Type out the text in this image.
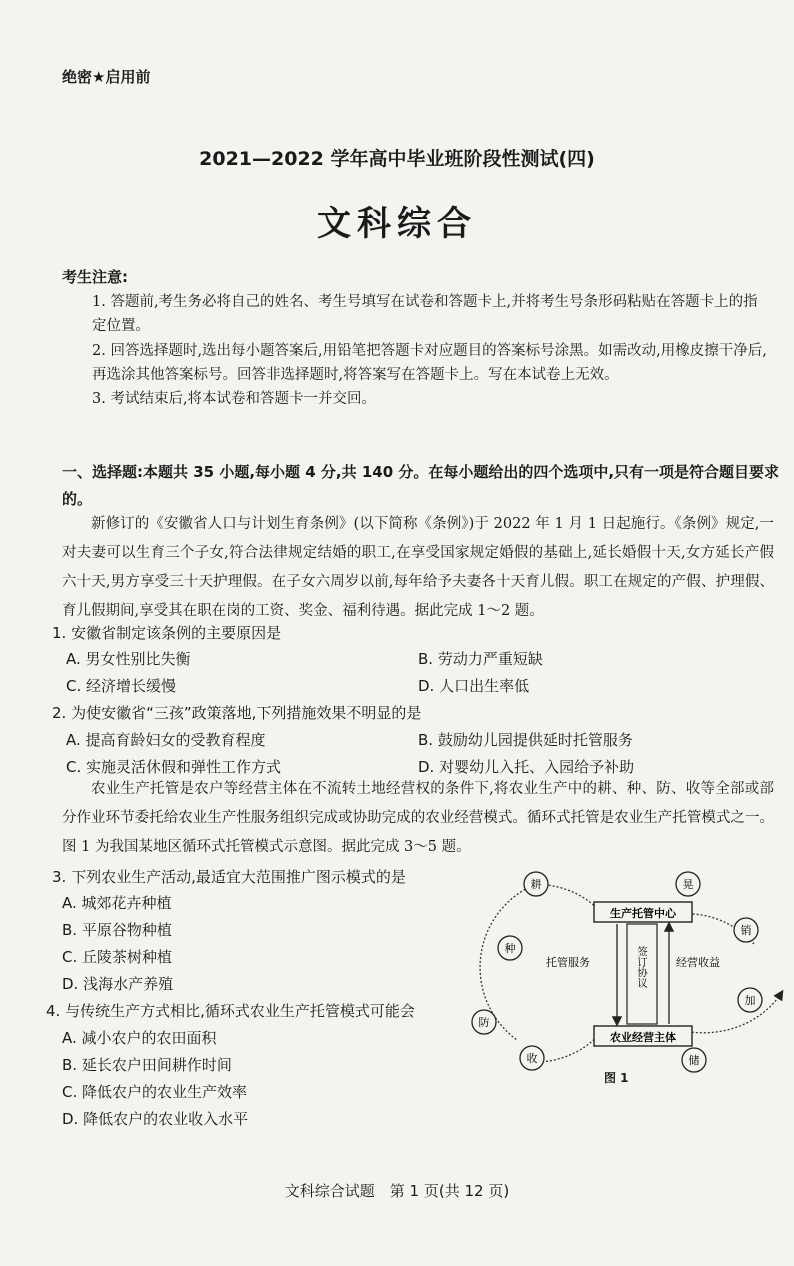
绝密★启用前
2021—2022 学年高中毕业班阶段性测试(四)
文科综合
考生注意:
1. 答题前,考生务必将自己的姓名、考生号填写在试卷和答题卡上,并将考生号条形码粘贴在答题卡上的指定位置。
2. 回答选择题时,选出每小题答案后,用铅笔把答题卡对应题目的答案标号涂黑。如需改动,用橡皮擦干净后,再选涂其他答案标号。回答非选择题时,将答案写在答题卡上。写在本试卷上无效。
3. 考试结束后,将本试卷和答题卡一并交回。
一、选择题:本题共 35 小题,每小题 4 分,共 140 分。在每小题给出的四个选项中,只有一项是符合题目要求的。
新修订的《安徽省人口与计划生育条例》(以下简称《条例》)于 2022 年 1 月 1 日起施行。《条例》规定,一对夫妻可以生育三个子女,符合法律规定结婚的职工,在享受国家规定婚假的基础上,延长婚假十天,女方延长产假六十天,男方享受三十天护理假。在子女六周岁以前,每年给予夫妻各十天育儿假。职工在规定的产假、护理假、育儿假期间,享受其在职在岗的工资、奖金、福利待遇。据此完成 1～2 题。
1. 安徽省制定该条例的主要原因是
A. 男女性别比失衡	B. 劳动力严重短缺
C. 经济增长缓慢	D. 人口出生率低
2. 为使安徽省“三孩”政策落地,下列措施效果不明显的是
A. 提高育龄妇女的受教育程度	B. 鼓励幼儿园提供延时托管服务
C. 实施灵活休假和弹性工作方式	D. 对婴幼儿入托、入园给予补助
农业生产托管是农户等经营主体在不流转土地经营权的条件下,将农业生产中的耕、种、防、收等全部或部分作业环节委托给农业生产性服务组织完成或协助完成的农业经营模式。循环式托管是农业生产托管模式之一。图 1 为我国某地区循环式托管模式示意图。据此完成 3～5 题。
3. 下列农业生产活动,最适宜大范围推广图示模式的是
A. 城郊花卉种植
B. 平原谷物种植
C. 丘陵茶树种植
D. 浅海水产养殖
4. 与传统生产方式相比,循环式农业生产托管模式可能会
A. 减小农户的农田面积
B. 延长农户田间耕作时间
C. 降低农户的农业生产效率
D. 降低农户的农业收入水平
生产托管中心
农业经营主体
签订协议
托管服务	经营收益
耕
种
防
收
晃
销
加
储
图 1
文科综合试题　第 1 页(共 12 页)
